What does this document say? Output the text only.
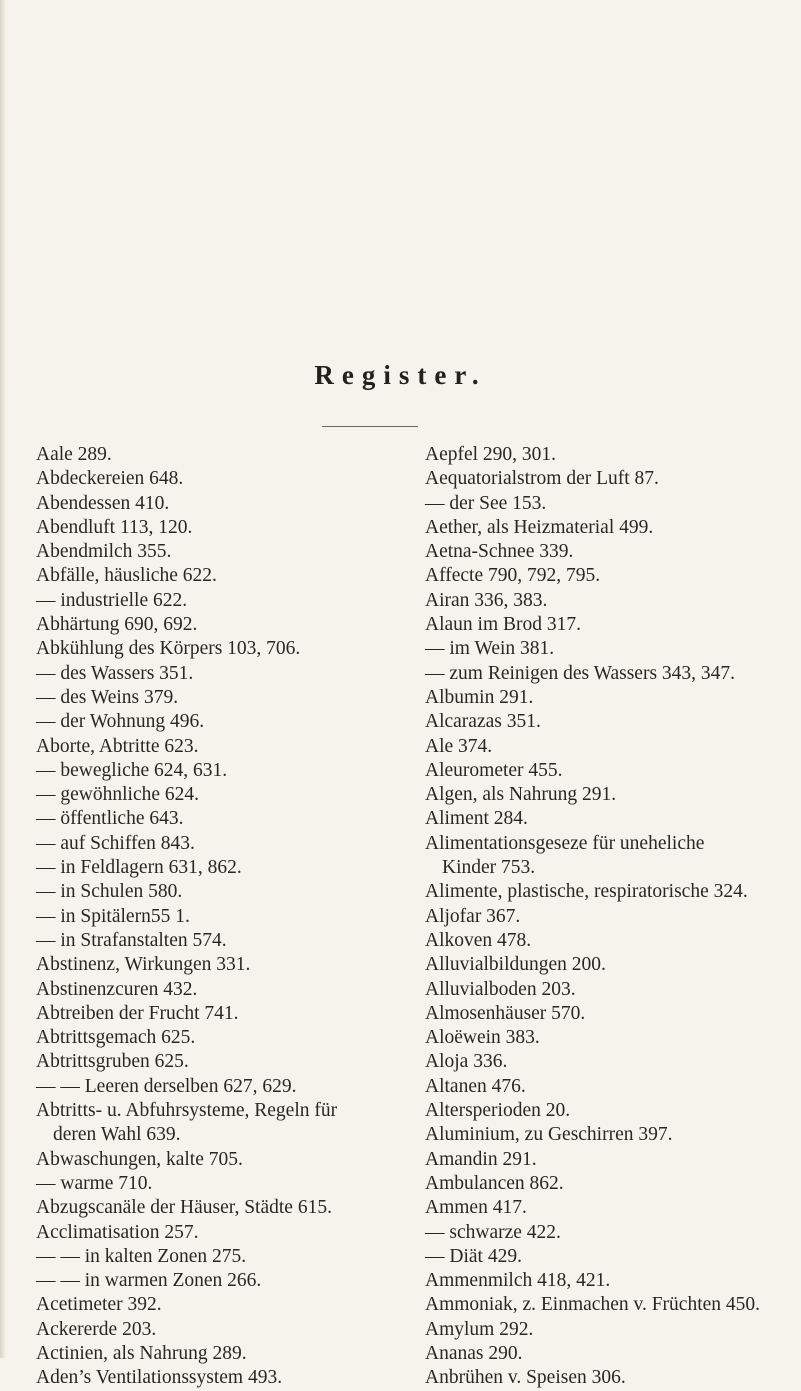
Register.
Aale 289.
Abdeckereien 648.
Abendessen 410.
Abendluft 113, 120.
Abendmilch 355.
Abfälle, häusliche 622.
— industrielle 622.
Abhärtung 690, 692.
Abkühlung des Körpers 103, 706.
— des Wassers 351.
— des Weins 379.
— der Wohnung 496.
Aborte, Abtritte 623.
— bewegliche 624, 631.
— gewöhnliche 624.
— öffentliche 643.
— auf Schiffen 843.
— in Feldlagern 631, 862.
— in Schulen 580.
— in Spitälern55 1.
— in Strafanstalten 574.
Abstinenz, Wirkungen 331.
Abstinenzcuren 432.
Abtreiben der Frucht 741.
Abtrittsgemach 625.
Abtrittsgruben 625.
— — Leeren derselben 627, 629.
Abtritts- u. Abfuhrsysteme, Regeln für
deren Wahl 639.
Abwaschungen, kalte 705.
— warme 710.
Abzugscanäle der Häuser, Städte 615.
Acclimatisation 257.
— — in kalten Zonen 275.
— — in warmen Zonen 266.
Acetimeter 392.
Ackererde 203.
Actinien, als Nahrung 289.
Aden’s Ventilationssystem 493.
Aepfel 290, 301.
Aequatorialstrom der Luft 87.
— der See 153.
Aether, als Heizmaterial 499.
Aetna-Schnee 339.
Affecte 790, 792, 795.
Airan 336, 383.
Alaun im Brod 317.
— im Wein 381.
— zum Reinigen des Wassers 343, 347.
Albumin 291.
Alcarazas 351.
Ale 374.
Aleurometer 455.
Algen, als Nahrung 291.
Aliment 284.
Alimentationsgeseze für uneheliche
Kinder 753.
Alimente, plastische, respiratorische 324.
Aljofar 367.
Alkoven 478.
Alluvialbildungen 200.
Alluvialboden 203.
Almosenhäuser 570.
Aloëwein 383.
Aloja 336.
Altanen 476.
Altersperioden 20.
Aluminium, zu Geschirren 397.
Amandin 291.
Ambulancen 862.
Ammen 417.
— schwarze 422.
— Diät 429.
Ammenmilch 418, 421.
Ammoniak, z. Einmachen v. Früchten 450.
Amylum 292.
Ananas 290.
Anbrühen v. Speisen 306.
